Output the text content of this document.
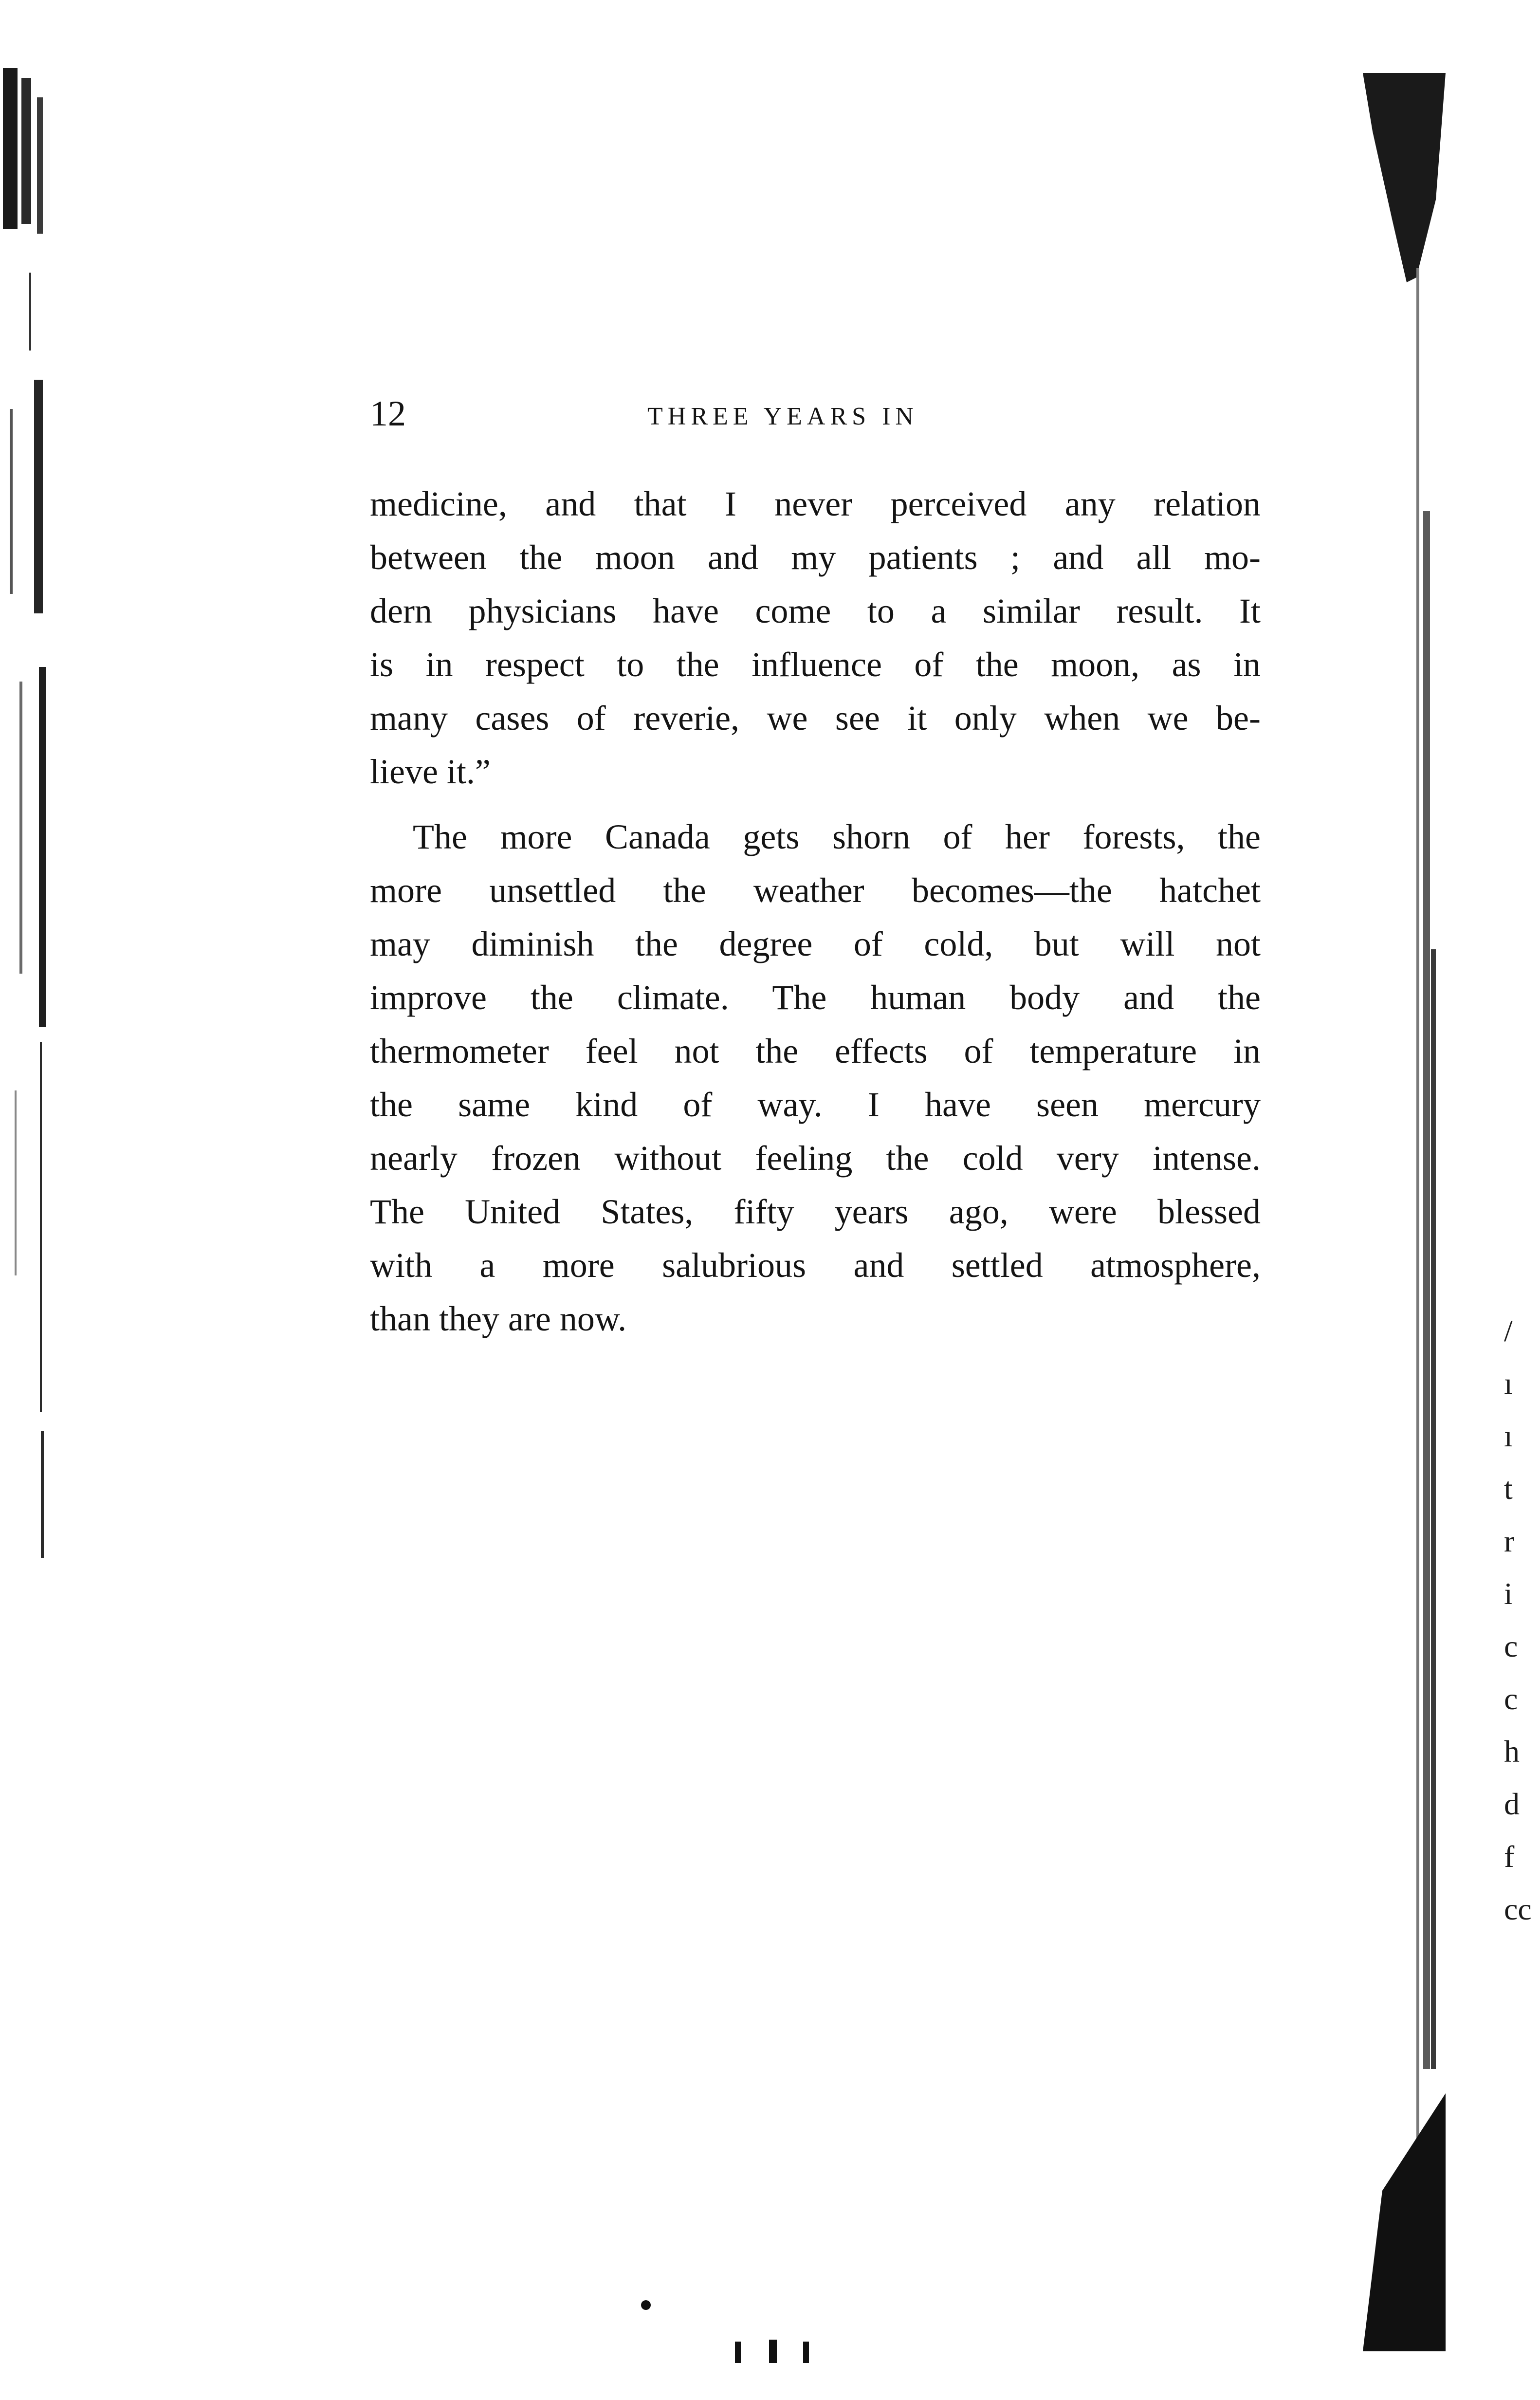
12	THREE YEARS IN
medicine, and that I never perceived any relation
between the moon and my patients ; and all mo-
dern physicians have come to a similar result. It
is in respect to the influence of the moon, as in
many cases of reverie, we see it only when we be-
lieve it.”
The more Canada gets shorn of her forests, the
more unsettled the weather becomes—the hatchet
may diminish the degree of cold, but will not
improve the climate. The human body and the
thermometer feel not the effects of temperature in
the same kind of way. I have seen mercury
nearly frozen without feeling the cold very intense.
The United States, fifty years ago, were blessed
with a more salubrious and settled atmosphere,
than they are now.	/
ı
ı
t
r
i
c
c
h
d
f
cc
